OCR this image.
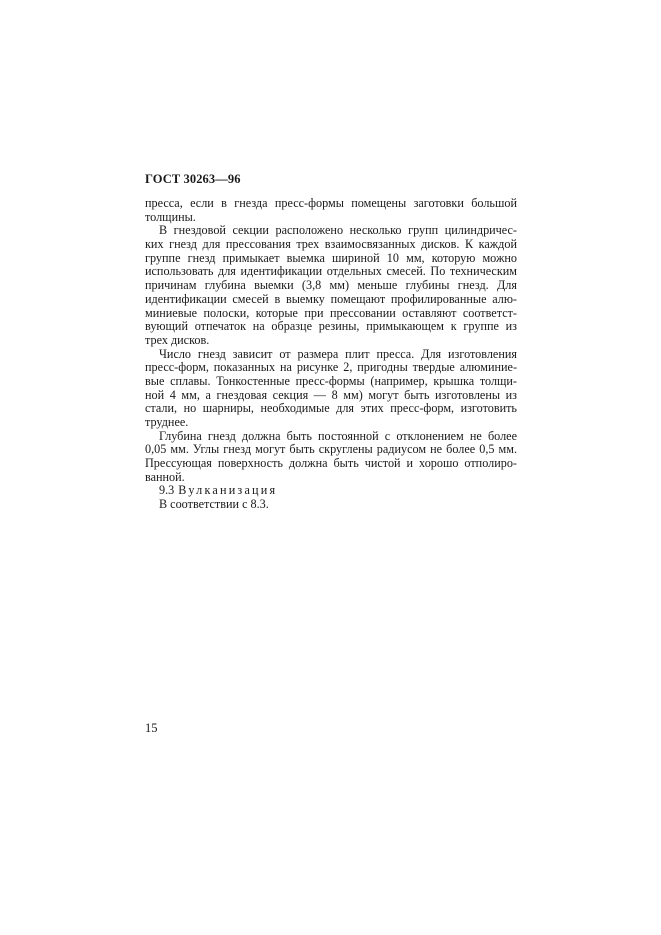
ГОСТ 30263—96
пресса, если в гнезда пресс-формы помещены заготовки большой
толщины.
В гнездовой секции расположено несколько групп цилиндричес-
ких гнезд для прессования трех взаимосвязанных дисков. К каждой
группе гнезд примыкает выемка шириной 10 мм, которую можно
использовать для идентификации отдельных смесей. По техническим
причинам глубина выемки (3,8 мм) меньше глубины гнезд. Для
идентификации смесей в выемку помещают профилированные алю-
миниевые полоски, которые при прессовании оставляют соответст-
вующий отпечаток на образце резины, примыкающем к группе из
трех дисков.
Число гнезд зависит от размера плит пресса. Для изготовления
пресс-форм, показанных на рисунке 2, пригодны твердые алюминие-
вые сплавы. Тонкостенные пресс-формы (например, крышка толщи-
ной 4 мм, а гнездовая секция — 8 мм) могут быть изготовлены из
стали, но шарниры, необходимые для этих пресс-форм, изготовить
труднее.
Глубина гнезд должна быть постоянной с отклонением не более
0,05 мм. Углы гнезд могут быть скруглены радиусом не более 0,5 мм.
Прессующая поверхность должна быть чистой и хорошо отполиро-
ванной.
9.3 Вулканизация
В соответствии с 8.3.
15
